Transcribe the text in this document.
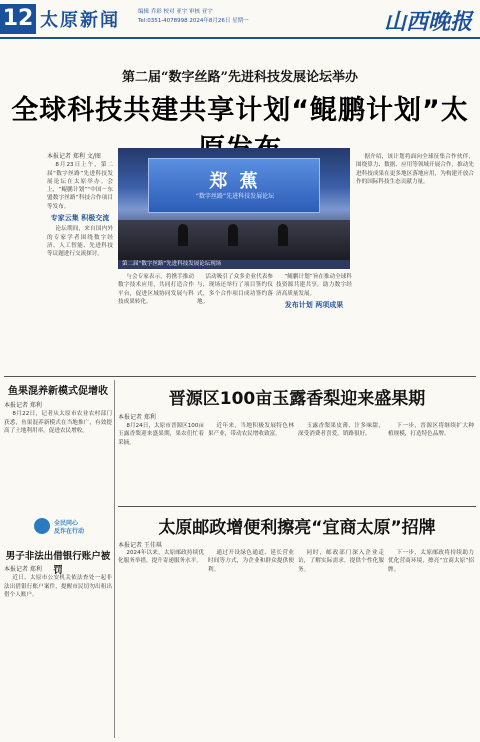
12 太原新闻	编辑 乔彩 校对 亚宇 审核 亚宇
Tel:0351-4078998 2024年8月26日 星期一	山西晚报
第二届“数字丝路”先进科技发展论坛举办
全球科技共建共享计划“鲲鹏计划”太
本报记者 郑利 文/图

8月23日上午，第二届“数字丝路”先进科技发展论坛在太原举办。会上，“鲲鹏计划”“中国－东盟数字丝路”科技合作项目等发布。

专家云集 积极交流

论坛期间，来自国内外的专家学者围绕数字经济、人工智能、先进科技等议题进行交流探讨。

郑 蕉
“数字丝路”先进科技发展论坛
第二届“数字丝路”先进科技发展论坛现场

与会专家表示，将携手推动数字技术应用，共同打造合作平台，促进区域协同发展与科技成果转化。

活动吸引了众多企业代表参与，现场还举行了项目签约仪式，多个合作项目成功签约落地。

“鲲鹏计划”旨在推动全球科技资源共建共享，助力数字经济高质量发展。

发布计划 两项成果

据介绍，该计划将面向全球征集合作伙伴，围绕算力、数据、应用等领域开展合作，推动先进科技成果在更多地区落地应用，为构建开放合作的国际科技生态贡献力量。

鱼果混养新模式促增收
本报记者 郑利

8月22日，记者从太原市农业农村部门获悉，鱼果混养新模式在当地推广，有效提高了土地利用率，促进农民增收。

全民同心
反诈在行动
男子非法出借银行账户被罚
本报记者 郑利

近日，太原市公安机关依法查处一起非法出借银行账户案件，提醒市民切勿出租出借个人账户。

晋源区100亩玉露香梨迎来盛果期
本报记者 郑利

8月24日，太原市晋源区100亩玉露香梨迎来盛果期，果农们忙着采摘。

近年来，当地积极发展特色林果产业，带动农民增收致富。

玉露香梨果皮薄、汁多味甜，深受消费者喜爱，销路很好。

下一步，晋源区将继续扩大种植规模，打造特色品牌。

太原邮政增便利擦亮“宜商太原”招牌
本报记者 王佳琪

2024年以来，太原邮政持续优化服务举措，提升寄递服务水平。

通过开设绿色通道、延长营业时间等方式，为企业和群众提供便利。

同时，邮政部门深入企业走访，了解实际需求，提供个性化服务。

下一步，太原邮政将持续助力优化营商环境，擦亮“宜商太原”招牌。
